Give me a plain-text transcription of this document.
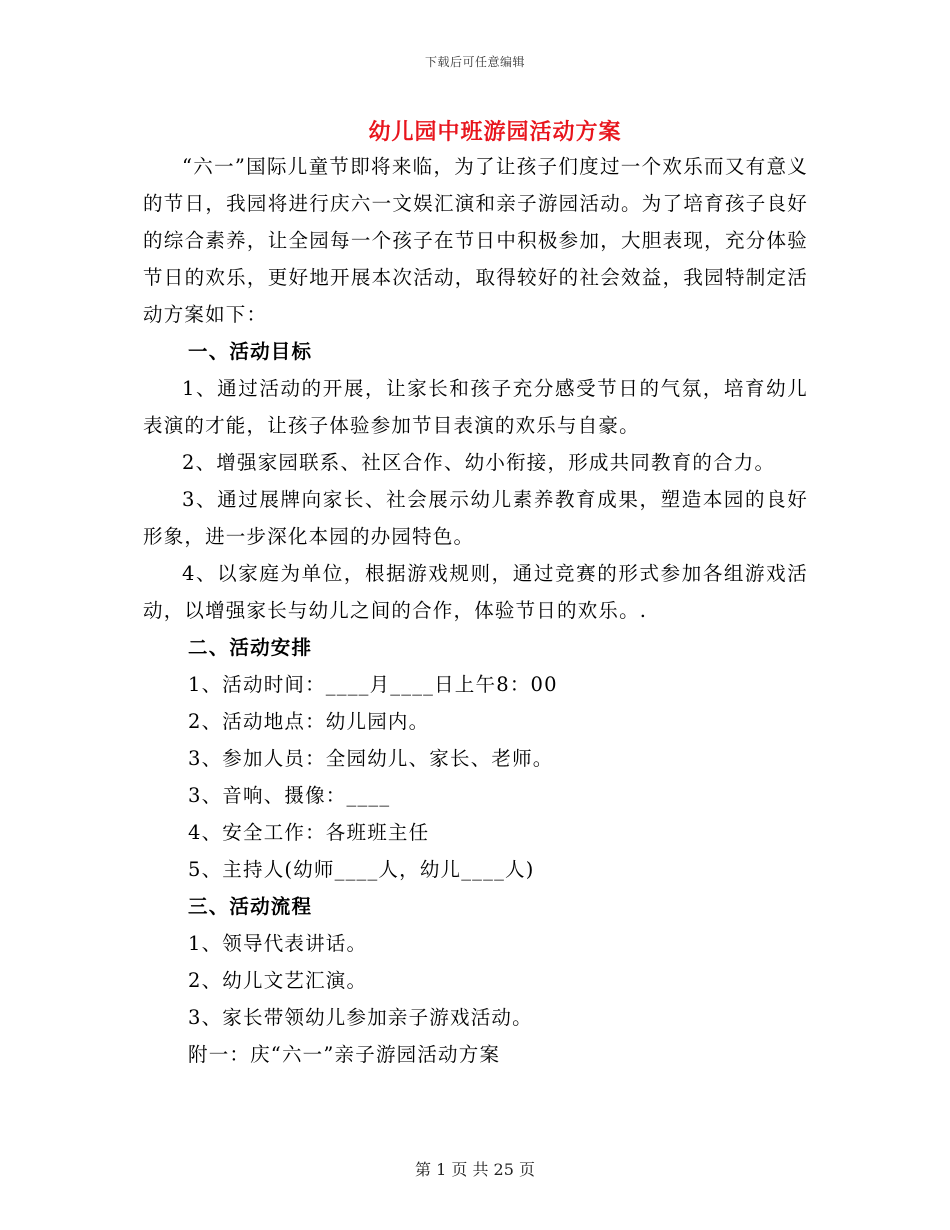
下载后可任意编辑
幼儿园中班游园活动方案

“六一”国际儿童节即将来临，为了让孩子们度过一个欢乐而又有意义的节日，我园将进行庆六一文娱汇演和亲子游园活动。为了培育孩子良好的综合素养，让全园每一个孩子在节日中积极参加，大胆表现，充分体验节日的欢乐，更好地开展本次活动，取得较好的社会效益，我园特制定活动方案如下：

一、活动目标

1、通过活动的开展，让家长和孩子充分感受节日的气氛，培育幼儿表演的才能，让孩子体验参加节目表演的欢乐与自豪。

2、增强家园联系、社区合作、幼小衔接，形成共同教育的合力。

3、通过展牌向家长、社会展示幼儿素养教育成果，塑造本园的良好形象，进一步深化本园的办园特色。

4、以家庭为单位，根据游戏规则，通过竞赛的形式参加各组游戏活动，以增强家长与幼儿之间的合作，体验节日的欢乐。.

二、活动安排

1、活动时间：____月____日上午8：00

2、活动地点：幼儿园内。

3、参加人员：全园幼儿、家长、老师。

3、音响、摄像：____

4、安全工作：各班班主任

5、主持人(幼师____人，幼儿____人)

三、活动流程

1、领导代表讲话。

2、幼儿文艺汇演。

3、家长带领幼儿参加亲子游戏活动。

附一：庆“六一”亲子游园活动方案

第 1 页 共 25 页
